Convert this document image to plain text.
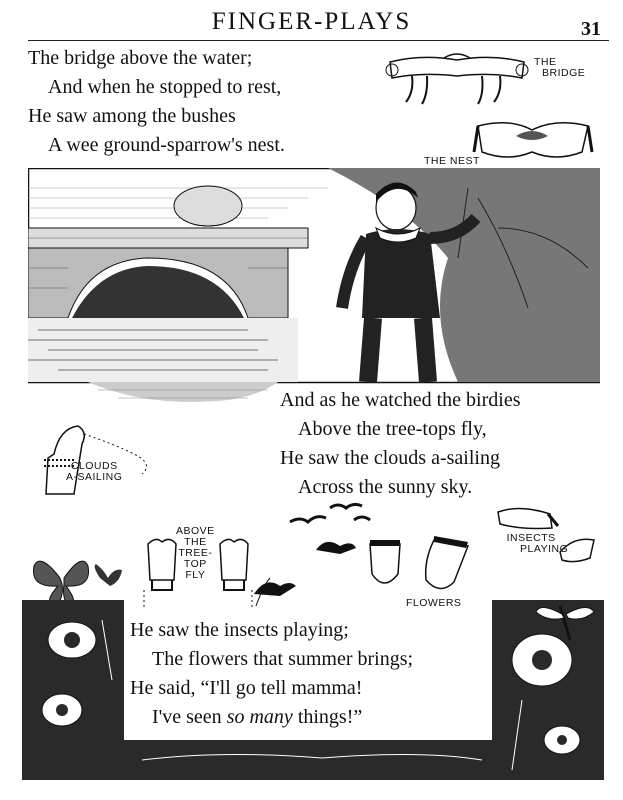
FINGER-PLAYS	31
The bridge above the water;
And when he stopped to rest,
He saw among the bushes
A wee ground-sparrow's nest.
THE
BRIDGE
THE NEST
And as he watched the birdies
Above the tree-tops fly,
He saw the clouds a-sailing
Across the sunny sky.
CLOUDS
A-SAILING
INSECTS
PLAYING
ABOVE
THE
TREE-
TOP
FLY
FLOWERS
He saw the insects playing;
The flowers that summer brings;
He said, “I'll go tell mamma!
I've seen so many things!”
